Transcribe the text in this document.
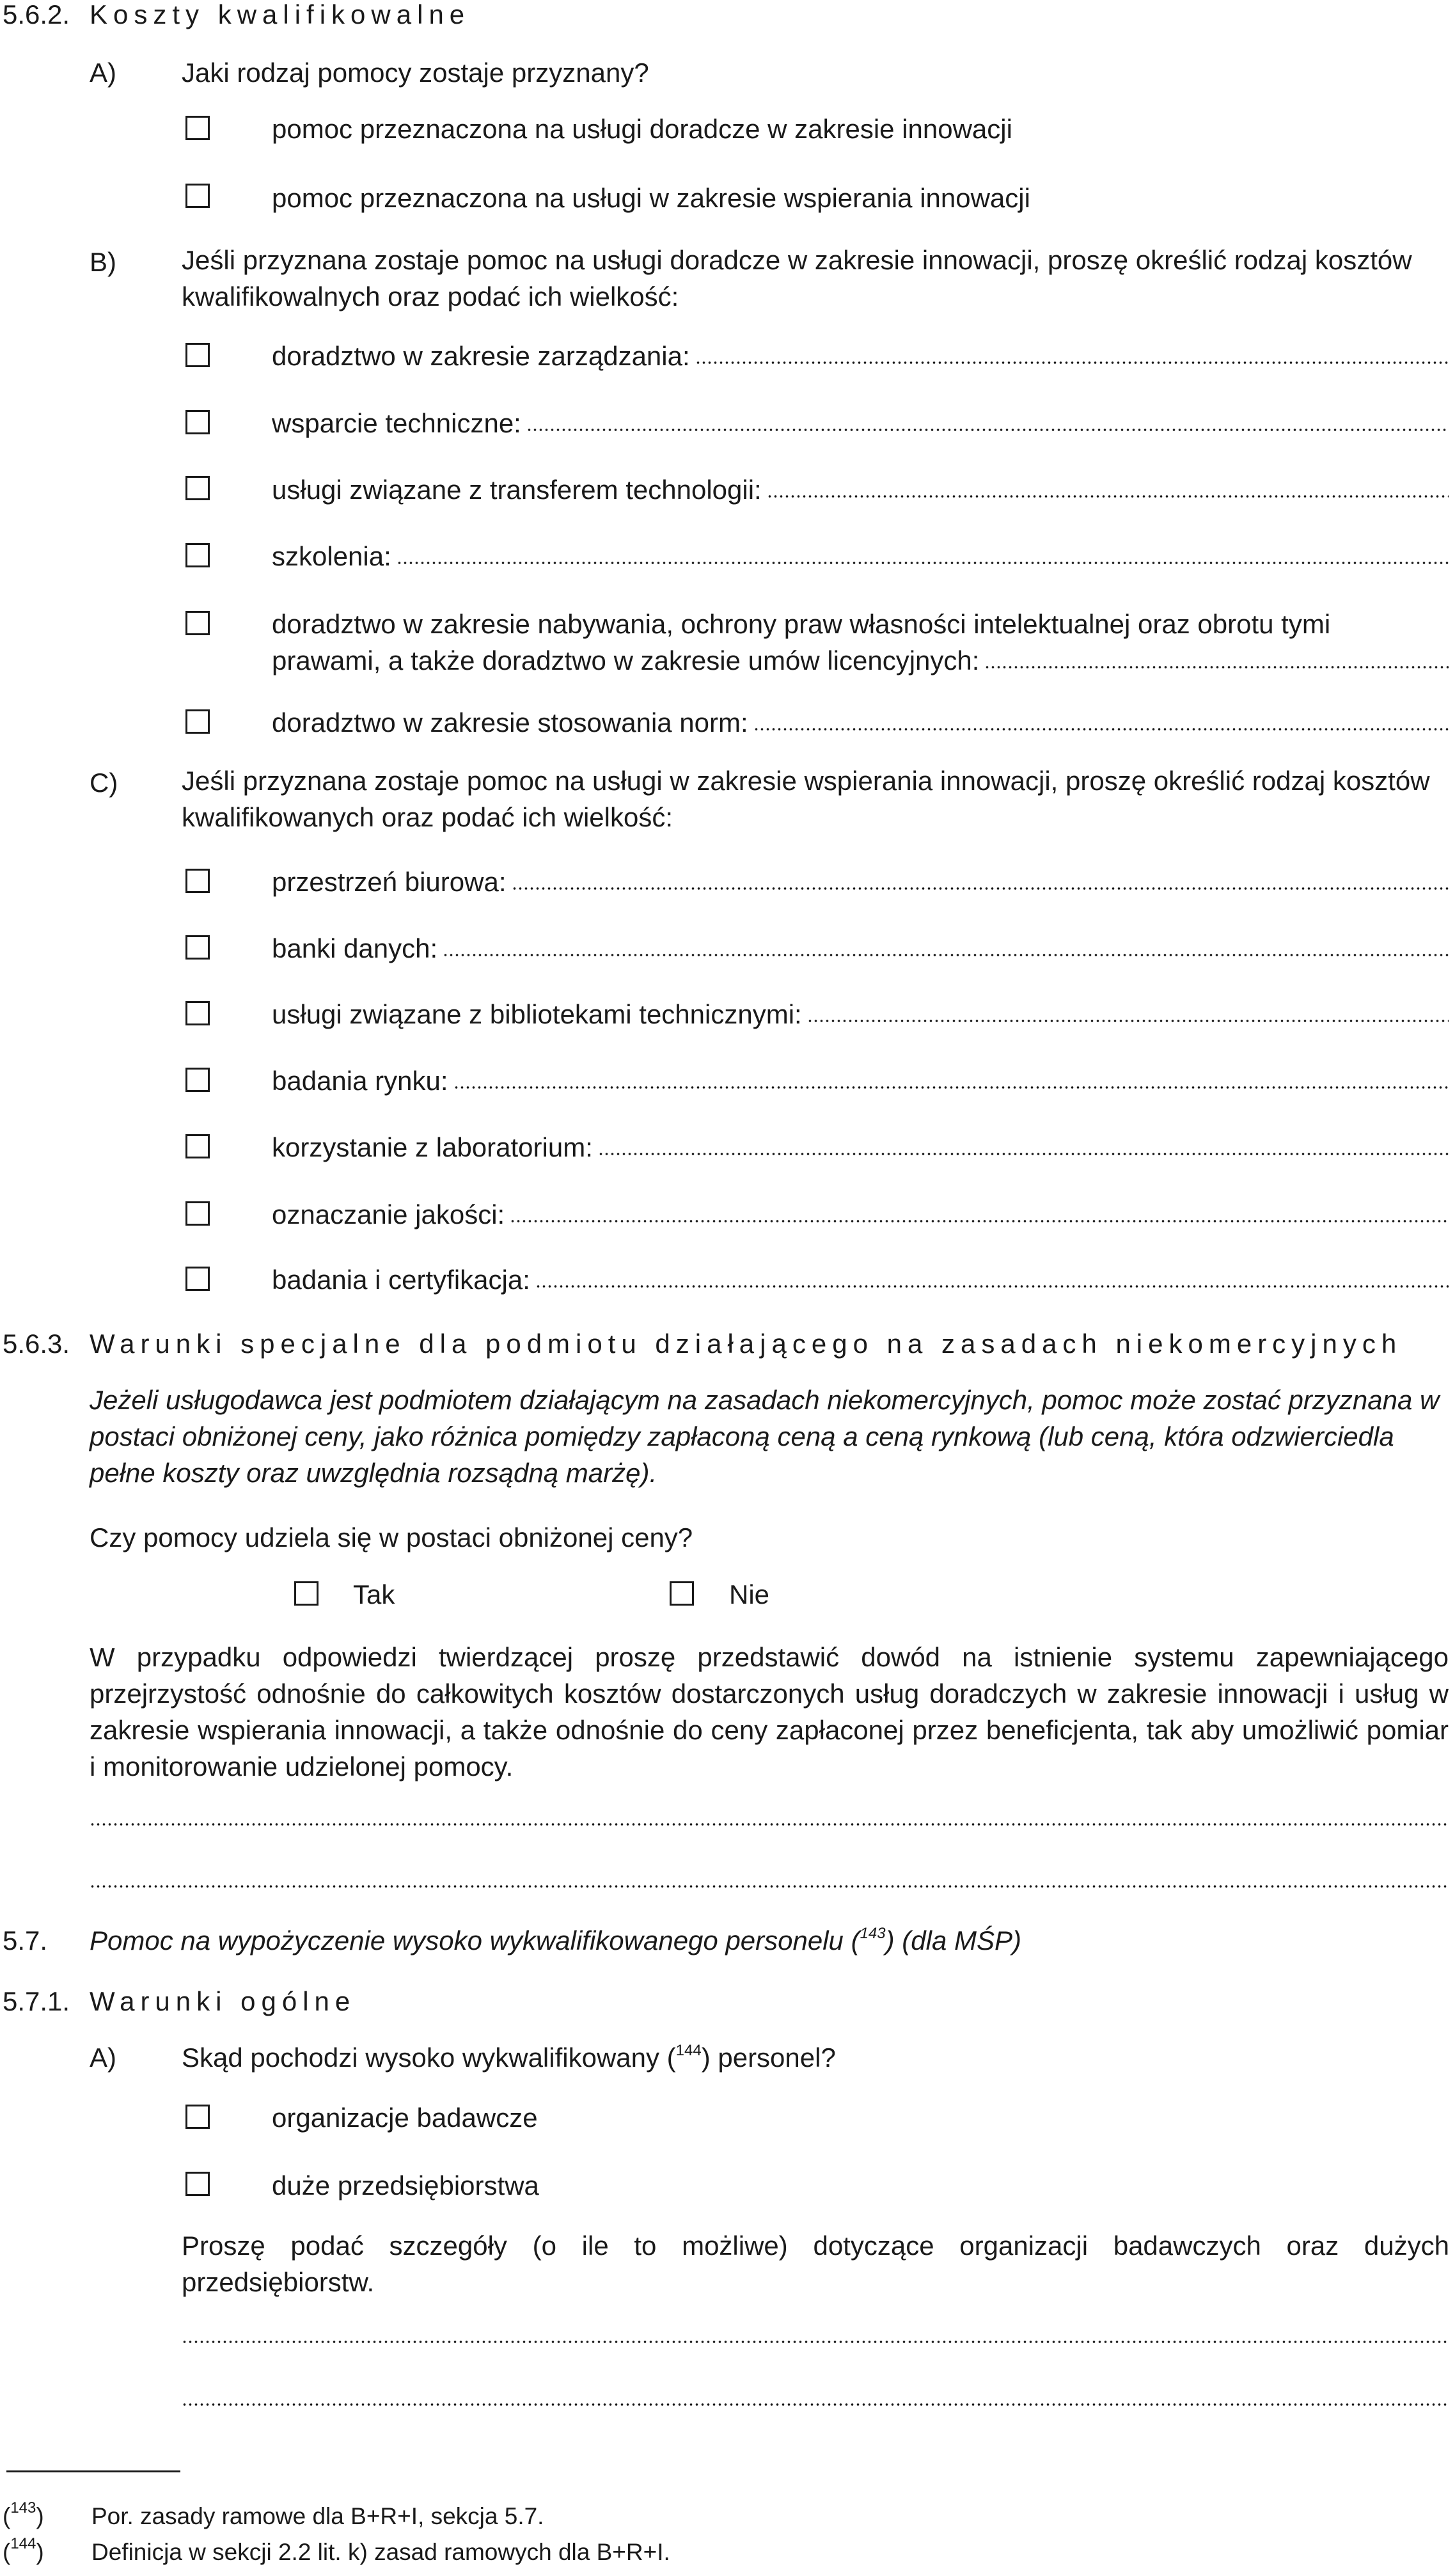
5.6.2. Koszty kwalifikowalne
A) Jaki rodzaj pomocy zostaje przyznany?
pomoc przeznaczona na usługi doradcze w zakresie innowacji
pomoc przeznaczona na usługi w zakresie wspierania innowacji
B) Jeśli przyznana zostaje pomoc na usługi doradcze w zakresie innowacji, proszę określić rodzaj kosztów kwalifikowalnych oraz podać ich wielkość:
doradztwo w zakresie zarządzania:
wsparcie techniczne:
usługi związane z transferem technologii:
szkolenia:
doradztwo w zakresie nabywania, ochrony praw własności intelektualnej oraz obrotu tymi
prawami, a także doradztwo w zakresie umów licencyjnych:
doradztwo w zakresie stosowania norm:
C) Jeśli przyznana zostaje pomoc na usługi w zakresie wspierania innowacji, proszę określić rodzaj kosztów kwalifikowanych oraz podać ich wielkość:
przestrzeń biurowa:
banki danych:
usługi związane z bibliotekami technicznymi:
badania rynku:
korzystanie z laboratorium:
oznaczanie jakości:
badania i certyfikacja:
5.6.3. Warunki specjalne dla podmiotu działającego na zasadach niekomercyjnych
Jeżeli usługodawca jest podmiotem działającym na zasadach niekomercyjnych, pomoc może zostać przyznana w postaci obniżonej ceny, jako różnica pomiędzy zapłaconą ceną a ceną rynkową (lub ceną, która odzwierciedla pełne koszty oraz uwzględnia rozsądną marżę).
Czy pomocy udziela się w postaci obniżonej ceny?
Tak	Nie
W przypadku odpowiedzi twierdzącej proszę przedstawić dowód na istnienie systemu zapewniającego przejrzystość odnośnie do całkowitych kosztów dostarczonych usług doradczych w zakresie innowacji i usług w zakresie wspierania innowacji, a także odnośnie do ceny zapłaconej przez beneficjenta, tak aby umożliwić pomiar i monitorowanie udzielonej pomocy.
5.7. Pomoc na wypożyczenie wysoko wykwalifikowanego personelu ($^{143}$) (dla MŚP)
5.7.1. Warunki ogólne
A) Skąd pochodzi wysoko wykwalifikowany ($^{144}$) personel?
organizacje badawcze
duże przedsiębiorstwa
Proszę podać szczegóły (o ile to możliwe) dotyczące organizacji badawczych oraz dużych przedsiębiorstw.
($^{143}$) Por. zasady ramowe dla B+R+I, sekcja 5.7.
($^{144}$) Definicja w sekcji 2.2 lit. k) zasad ramowych dla B+R+I.
